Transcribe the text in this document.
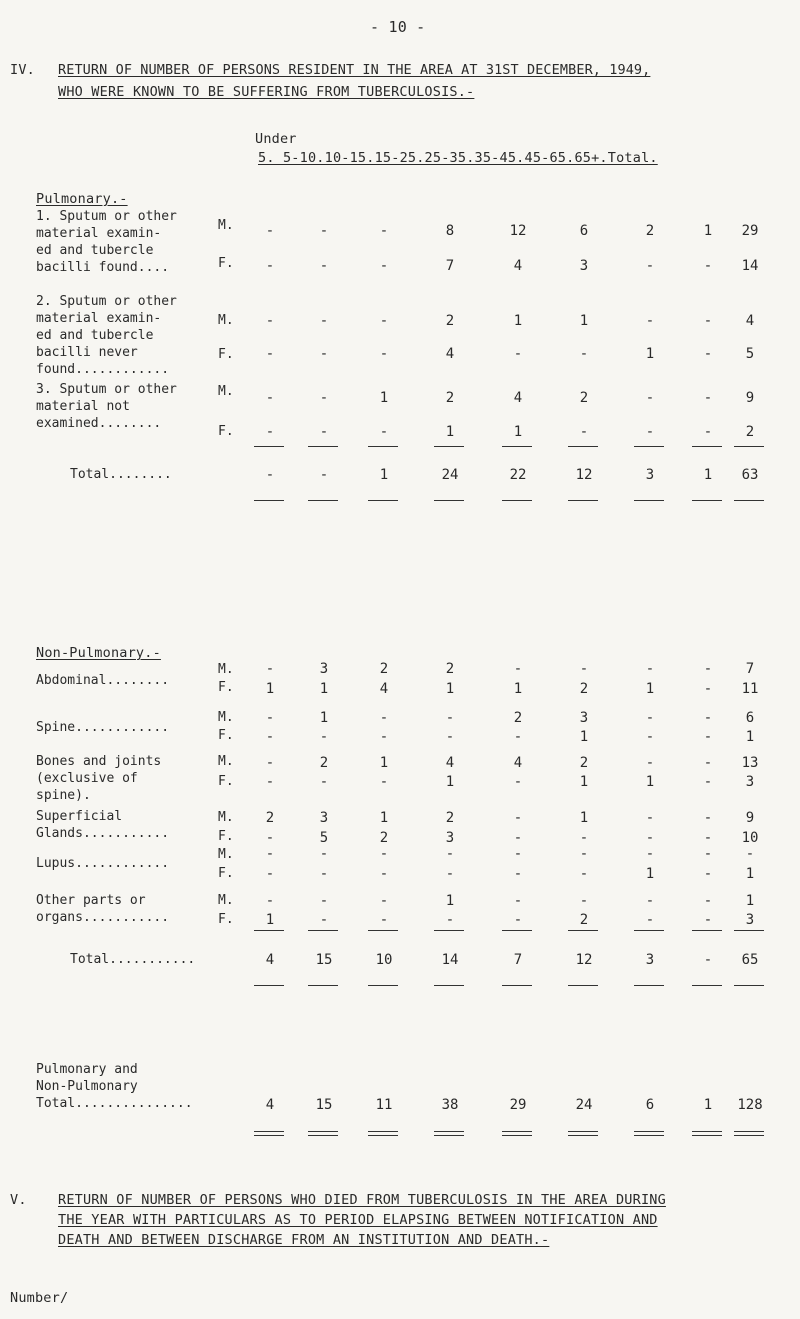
- 10 -
IV. RETURN OF NUMBER OF PERSONS RESIDENT IN THE AREA AT 31ST DECEMBER, 1949,
WHO WERE KNOWN TO BE SUFFERING FROM TUBERCULOSIS.-
Under
5. 5-10.10-15.15-25.25-35.35-45.45-65.65+.Total.
Pulmonary.-
Non-Pulmonary.-
V. RETURN OF NUMBER OF PERSONS WHO DIED FROM TUBERCULOSIS IN THE AREA DURING
THE YEAR WITH PARTICULARS AS TO PERIOD ELAPSING BETWEEN NOTIFICATION AND
DEATH AND BETWEEN DISCHARGE FROM AN INSTITUTION AND DEATH.-
Number/
1. Sputum or other
material examin-
ed and tubercle
bacilli found....
M.	-	-	-	8	12	6	2	1	29
F.	-	-	-	7	4	3	-	-	14
2. Sputum or other
material examin-
ed and tubercle
bacilli never
found............
M.	-	-	-	2	1	1	-	-	4
F.	-	-	-	4	-	-	1	-	5
3. Sputum or other
material not
examined........
M.	-	-	1	2	4	2	-	-	9
F.	-	-	-	1	1	-	-	-	2
Total........	-	-	1	24	22	12	3	1	63
Abdominal........
M.	-	3	2	2	-	-	-	-	7
F.	1	1	4	1	1	2	1	-	11
Spine............
M.	-	1	-	-	2	3	-	-	6
F.	-	-	-	-	-	1	-	-	1
Bones and joints
(exclusive of
spine).
M.	-	2	1	4	4	2	-	-	13
F.	-	-	-	1	-	1	1	-	3
Superficial
Glands...........
M.	2	3	1	2	-	1	-	-	9
F.	-	5	2	3	-	-	-	-	10
Lupus............
M.	-	-	-	-	-	-	-	-	-
F.	-	-	-	-	-	-	1	-	1
Other parts or
organs...........
M.	-	-	-	1	-	-	-	-	1
F.	1	-	-	-	-	2	-	-	3
Total...........	4	15	10	14	7	12	3	-	65
Pulmonary and
Non-Pulmonary
Total...............	4	15	11	38	29	24	6	1	128
